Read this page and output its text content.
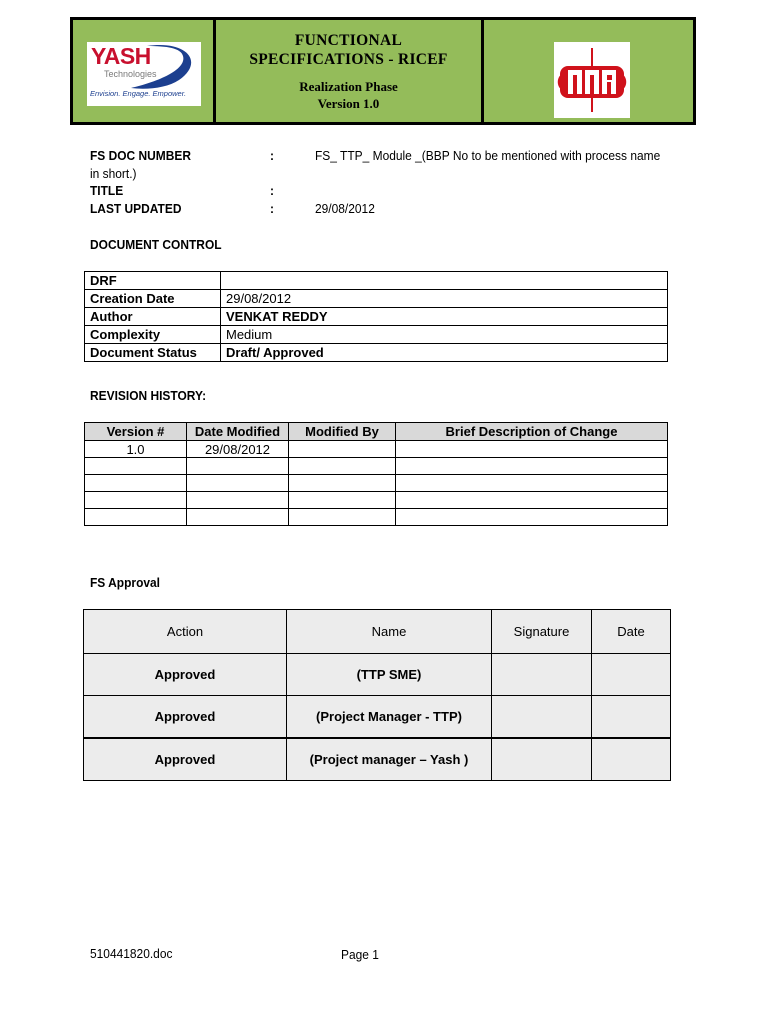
YASH
Technologies
Envision. Engage. Empower.
FUNCTIONAL
SPECIFICATIONS - RICEF
Realization Phase
Version 1.0
FS DOC NUMBER	:	FS_ TTP_ Module _(BBP No to be mentioned with process name
in short.)
TITLE	:
LAST UPDATED	:	29/08/2012
DOCUMENT CONTROL
DRF	
Creation Date	29/08/2012
Author	VENKAT REDDY
Complexity	Medium
Document Status	Draft/ Approved
REVISION HISTORY:
Version #	Date Modified	Modified By	Brief Description of Change
1.0	29/08/2012		

FS Approval
Action	Name	Signature	Date
Approved	(TTP SME)		
Approved	(Project Manager - TTP)		
Approved	(Project manager – Yash )		
510441820.doc	Page 1
